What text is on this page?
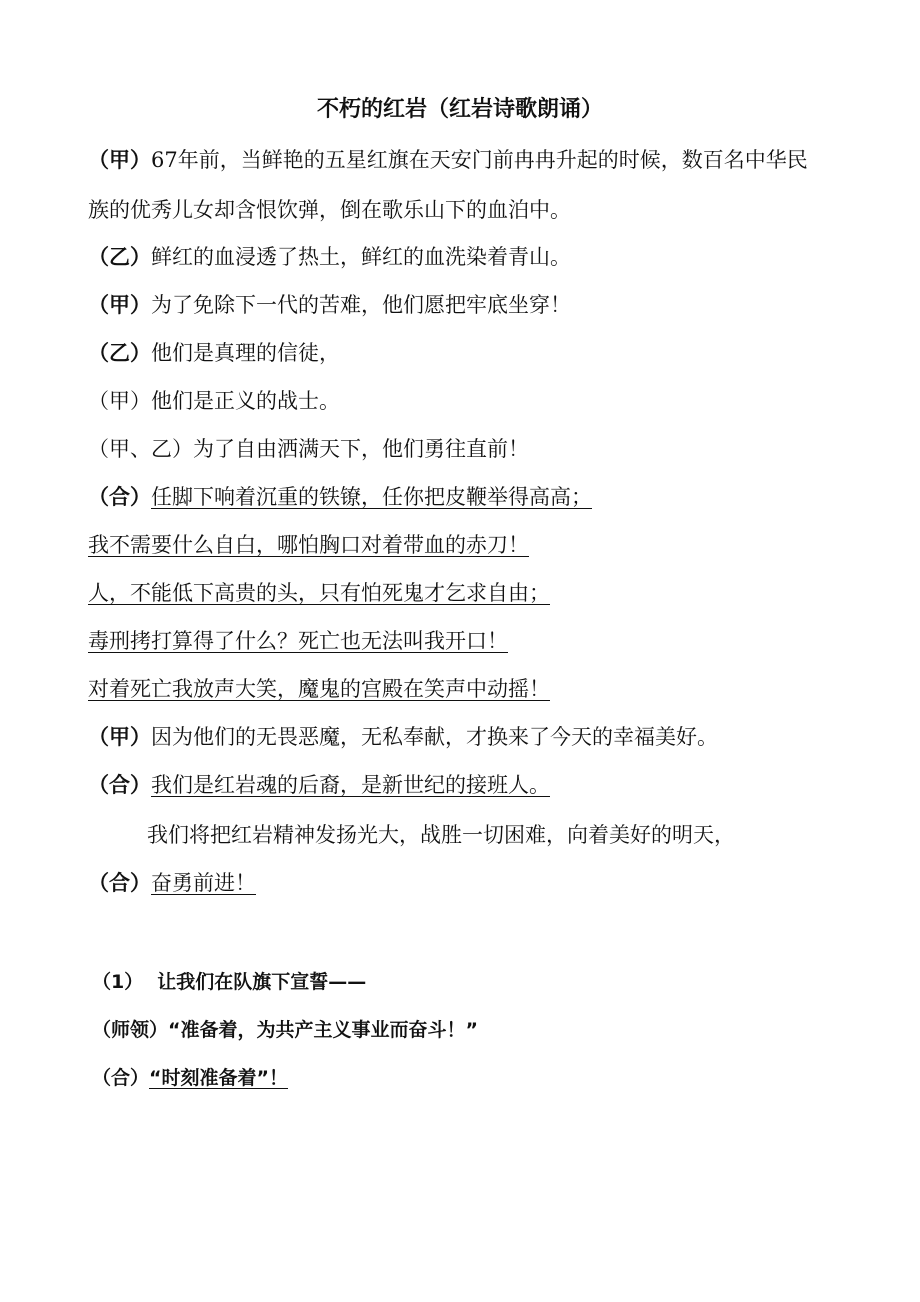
不朽的红岩（红岩诗歌朗诵）
（甲）67年前，当鲜艳的五星红旗在天安门前冉冉升起的时候，数百名中华民
族的优秀儿女却含恨饮弹，倒在歌乐山下的血泊中。
（乙）鲜红的血浸透了热土，鲜红的血洗染着青山。
（甲）为了免除下一代的苦难，他们愿把牢底坐穿！
（乙）他们是真理的信徒，
（甲）他们是正义的战士。
（甲、乙）为了自由洒满天下，他们勇往直前！
（合）任脚下响着沉重的铁镣，任你把皮鞭举得高高；
我不需要什么自白，哪怕胸口对着带血的赤刀！
人，不能低下高贵的头，只有怕死鬼才乞求自由；
毒刑拷打算得了什么？死亡也无法叫我开口！
对着死亡我放声大笑，魔鬼的宫殿在笑声中动摇！
（甲）因为他们的无畏恶魔，无私奉献，才换来了今天的幸福美好。
（合）我们是红岩魂的后裔，是新世纪的接班人。
我们将把红岩精神发扬光大，战胜一切困难，向着美好的明天，
（合）奋勇前进！
（1） 让我们在队旗下宣誓——
（师领）“准备着，为共产主义事业而奋斗！”
（合）“时刻准备着”！
